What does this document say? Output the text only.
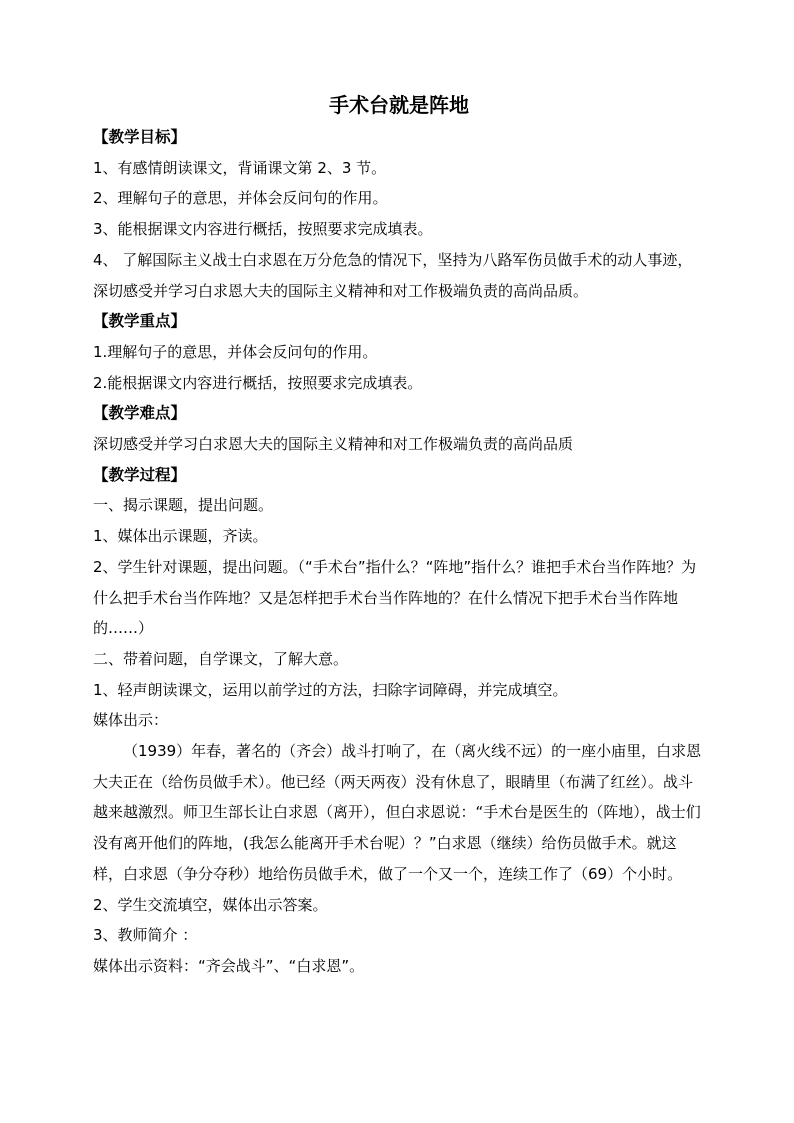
手术台就是阵地

【教学目标】

1、有感情朗读课文，背诵课文第 2、3 节。

2、理解句子的意思，并体会反问句的作用。

3、能根据课文内容进行概括，按照要求完成填表。

4、 了解国际主义战士白求恩在万分危急的情况下，坚持为八路军伤员做手术的动人事迹，深切感受并学习白求恩大夫的国际主义精神和对工作极端负责的高尚品质。

【教学重点】

1.理解句子的意思，并体会反问句的作用。

2.能根据课文内容进行概括，按照要求完成填表。

【教学难点】

深切感受并学习白求恩大夫的国际主义精神和对工作极端负责的高尚品质

【教学过程】

一、揭示课题，提出问题。

1、媒体出示课题，齐读。

2、学生针对课题，提出问题。（“手术台”指什么？“阵地”指什么？谁把手术台当作阵地？为什么把手术台当作阵地？又是怎样把手术台当作阵地的？在什么情况下把手术台当作阵地的……）

二、带着问题，自学课文，了解大意。

1、轻声朗读课文，运用以前学过的方法，扫除字词障碍，并完成填空。

媒体出示：

（1939）年春，著名的（齐会）战斗打响了，在（离火线不远）的一座小庙里，白求恩大夫正在（给伤员做手术）。他已经（两天两夜）没有休息了，眼睛里（布满了红丝）。战斗越来越激烈。师卫生部长让白求恩（离开），但白求恩说：“手术台是医生的（阵地），战士们没有离开他们的阵地，(我怎么能离开手术台呢）？”白求恩（继续）给伤员做手术。就这样，白求恩（争分夺秒）地给伤员做手术，做了一个又一个，连续工作了（69）个小时。

2、学生交流填空，媒体出示答案。

3、教师简介 ：

媒体出示资料：“齐会战斗”、“白求恩”。
